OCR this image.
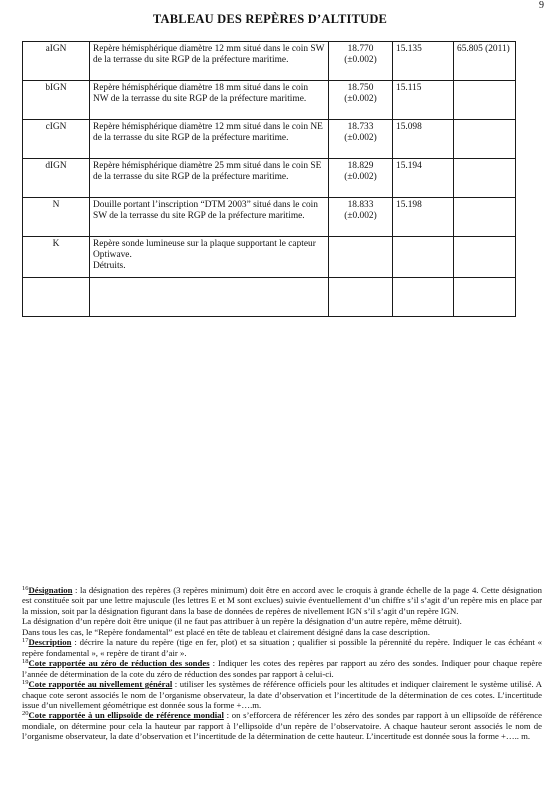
9
TABLEAU DES REPÈRES D’ALTITUDE
aIGN	Repère hémisphérique diamètre 12 mm situé dans le coin SW de la terrasse du site RGP de la préfecture maritime.	18.770
(±0.002)	15.135	65.805 (2011)
bIGN	Repère hémisphérique diamètre 18 mm situé dans le coin NW de la terrasse du site RGP de la préfecture maritime.	18.750
(±0.002)	15.115	
cIGN	Repère hémisphérique diamètre 12 mm situé dans le coin NE de la terrasse du site RGP de la préfecture maritime.	18.733
(±0.002)	15.098	
dIGN	Repère hémisphérique diamètre 25 mm situé dans le coin SE de la terrasse du site RGP de la préfecture maritime.	18.829
(±0.002)	15.194	
N	Douille portant l’inscription “DTM 2003” situé dans le coin SW de la terrasse du site RGP de la préfecture maritime.	18.833
(±0.002)	15.198	
K	Repère sonde lumineuse sur la plaque supportant le capteur Optiwave.
Détruits.			

$^{16}$Désignation : la désignation des repères (3 repères minimum) doit être en accord avec le croquis à grande échelle de la page 4. Cette désignation est constituée soit par une lettre majuscule (les lettres E et M sont exclues) suivie éventuellement d’un chiffre s’il s’agit d’un repère mis en place par la mission, soit par la désignation figurant dans la base de données de repères de nivellement IGN s’il s’agit d’un repère IGN.

La désignation d’un repère doit être unique (il ne faut pas attribuer à un repère la désignation d’un autre repère, même détruit).

Dans tous les cas, le “Repère fondamental” est placé en tête de tableau et clairement désigné dans la case description.

$^{17}$Description : décrire la nature du repère (tige en fer, plot) et sa situation ; qualifier si possible la pérennité du repère. Indiquer le cas échéant « repère fondamental », « repère de tirant d’air ».

$^{18}$Cote rapportée au zéro de réduction des sondes : Indiquer les cotes des repères par rapport au zéro des sondes. Indiquer pour chaque repère l’année de détermination de la cote du zéro de réduction des sondes par rapport à celui-ci.

$^{19}$Cote rapportée au nivellement général : utiliser les systèmes de référence officiels pour les altitudes et indiquer clairement le système utilisé. A chaque cote seront associés le nom de l’organisme observateur, la date d’observation et l’incertitude de la détermination de ces cotes. L’incertitude issue d’un nivellement géométrique est donnée sous la forme +….m.

$^{20}$Cote rapportée à un ellipsoïde de référence mondial : on s’efforcera de référencer les zéro des sondes par rapport à un ellipsoïde de référence mondiale, on détermine pour cela la hauteur par rapport à l’ellipsoïde d’un repère de l’observatoire. A chaque hauteur seront associés le nom de l’organisme observateur, la date d’observation et l’incertitude de la détermination de cette hauteur. L’incertitude est donnée sous la forme +….. m.
